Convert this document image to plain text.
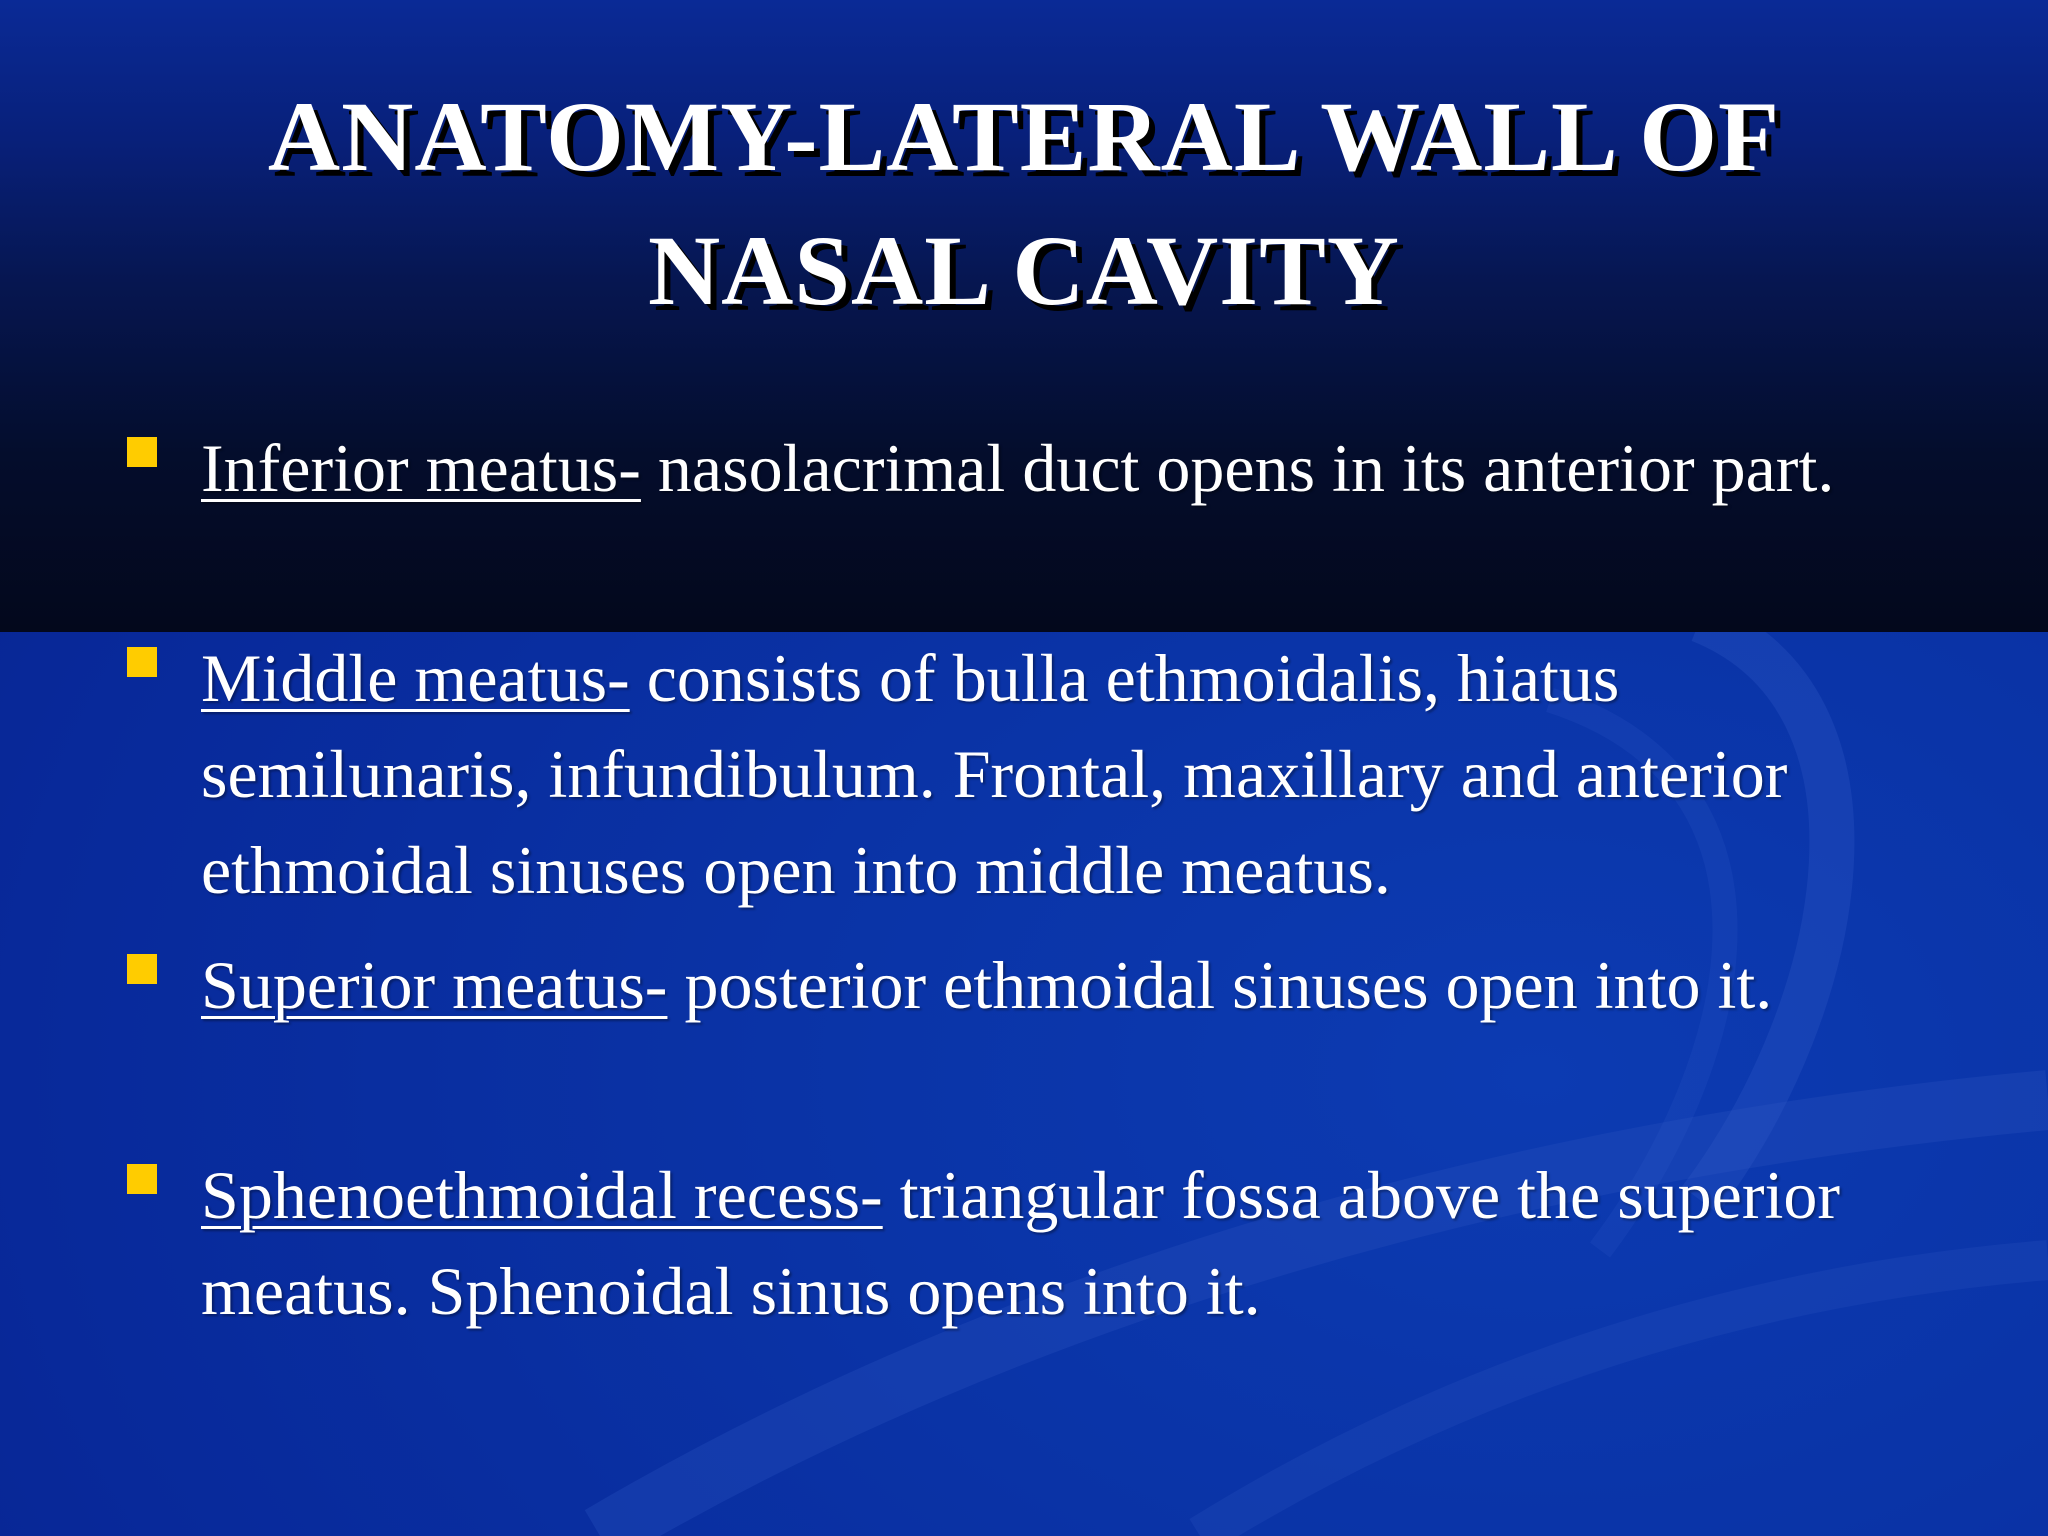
ANATOMY-LATERAL WALL OF
NASAL CAVITY
Inferior meatus- nasolacrimal duct opens in its anterior part.
Middle meatus- consists of bulla ethmoidalis, hiatus semilunaris, infundibulum. Frontal, maxillary and anterior ethmoidal sinuses open into middle meatus.
Superior meatus- posterior ethmoidal sinuses open into it.
Sphenoethmoidal recess- triangular fossa above the superior meatus. Sphenoidal sinus opens into it.
